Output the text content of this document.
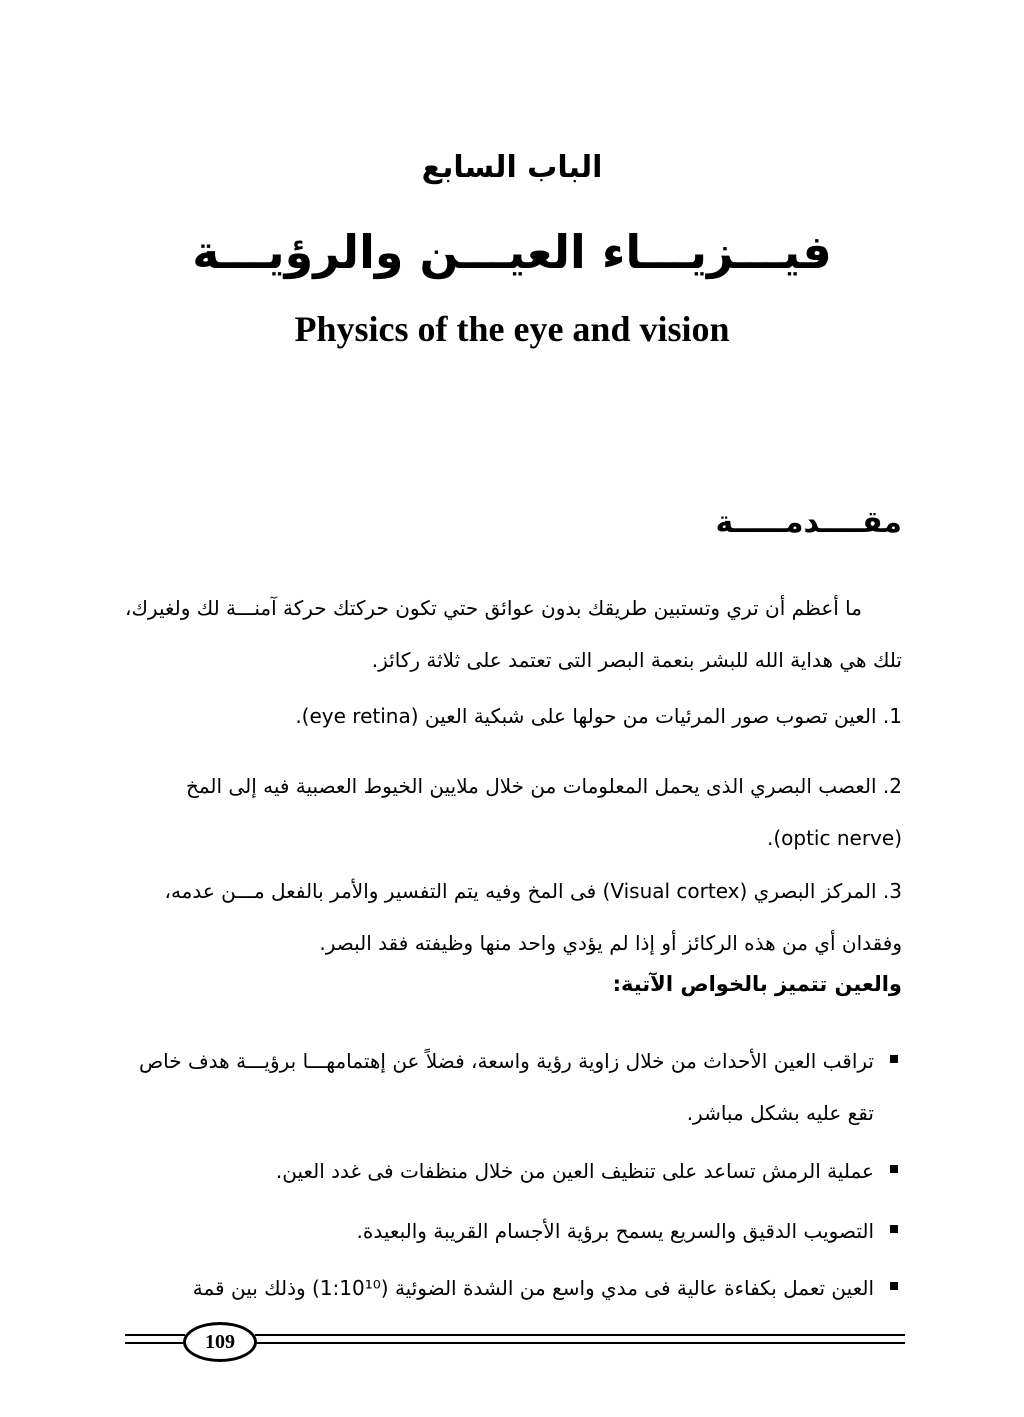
الباب السابع
فيـــزيـــاء العيـــن والرؤيـــة
Physics of the eye and vision
مقــــدمـــــة

ما أعظم أن تري وتستبين طريقك بدون عوائق حتي تكون حركتك حركة آمنـــة لك ولغيرك، تلك هي هداية الله للبشر بنعمة البصر التى تعتمد على ثلاثة ركائز.

1. العين تصوب صور المرئيات من حولها على شبكية العين (eye retina).
2. العصب البصري الذى يحمل المعلومات من خلال ملايين الخيوط العصبية فيه إلى المخ (optic nerve).
3. المركز البصري (Visual cortex) فى المخ وفيه يتم التفسير والأمر بالفعل مـــن عدمه، وفقدان أي من هذه الركائز أو إذا لم يؤدي واحد منها وظيفته فقد البصر.
والعين تتميز بالخواص الآتية:
تراقب العين الأحداث من خلال زاوية رؤية واسعة، فضلاً عن إهتمامهـــا برؤيـــة هدف خاص تقع عليه بشكل مباشر.
عملية الرمش تساعد على تنظيف العين من خلال منظفات فى غدد العين.
التصويب الدقيق والسريع يسمح برؤية الأجسام القريبة والبعيدة.
العين تعمل بكفاءة عالية فى مدي واسع من الشدة الضوئية (1:10¹⁰) وذلك بين قمة
109
